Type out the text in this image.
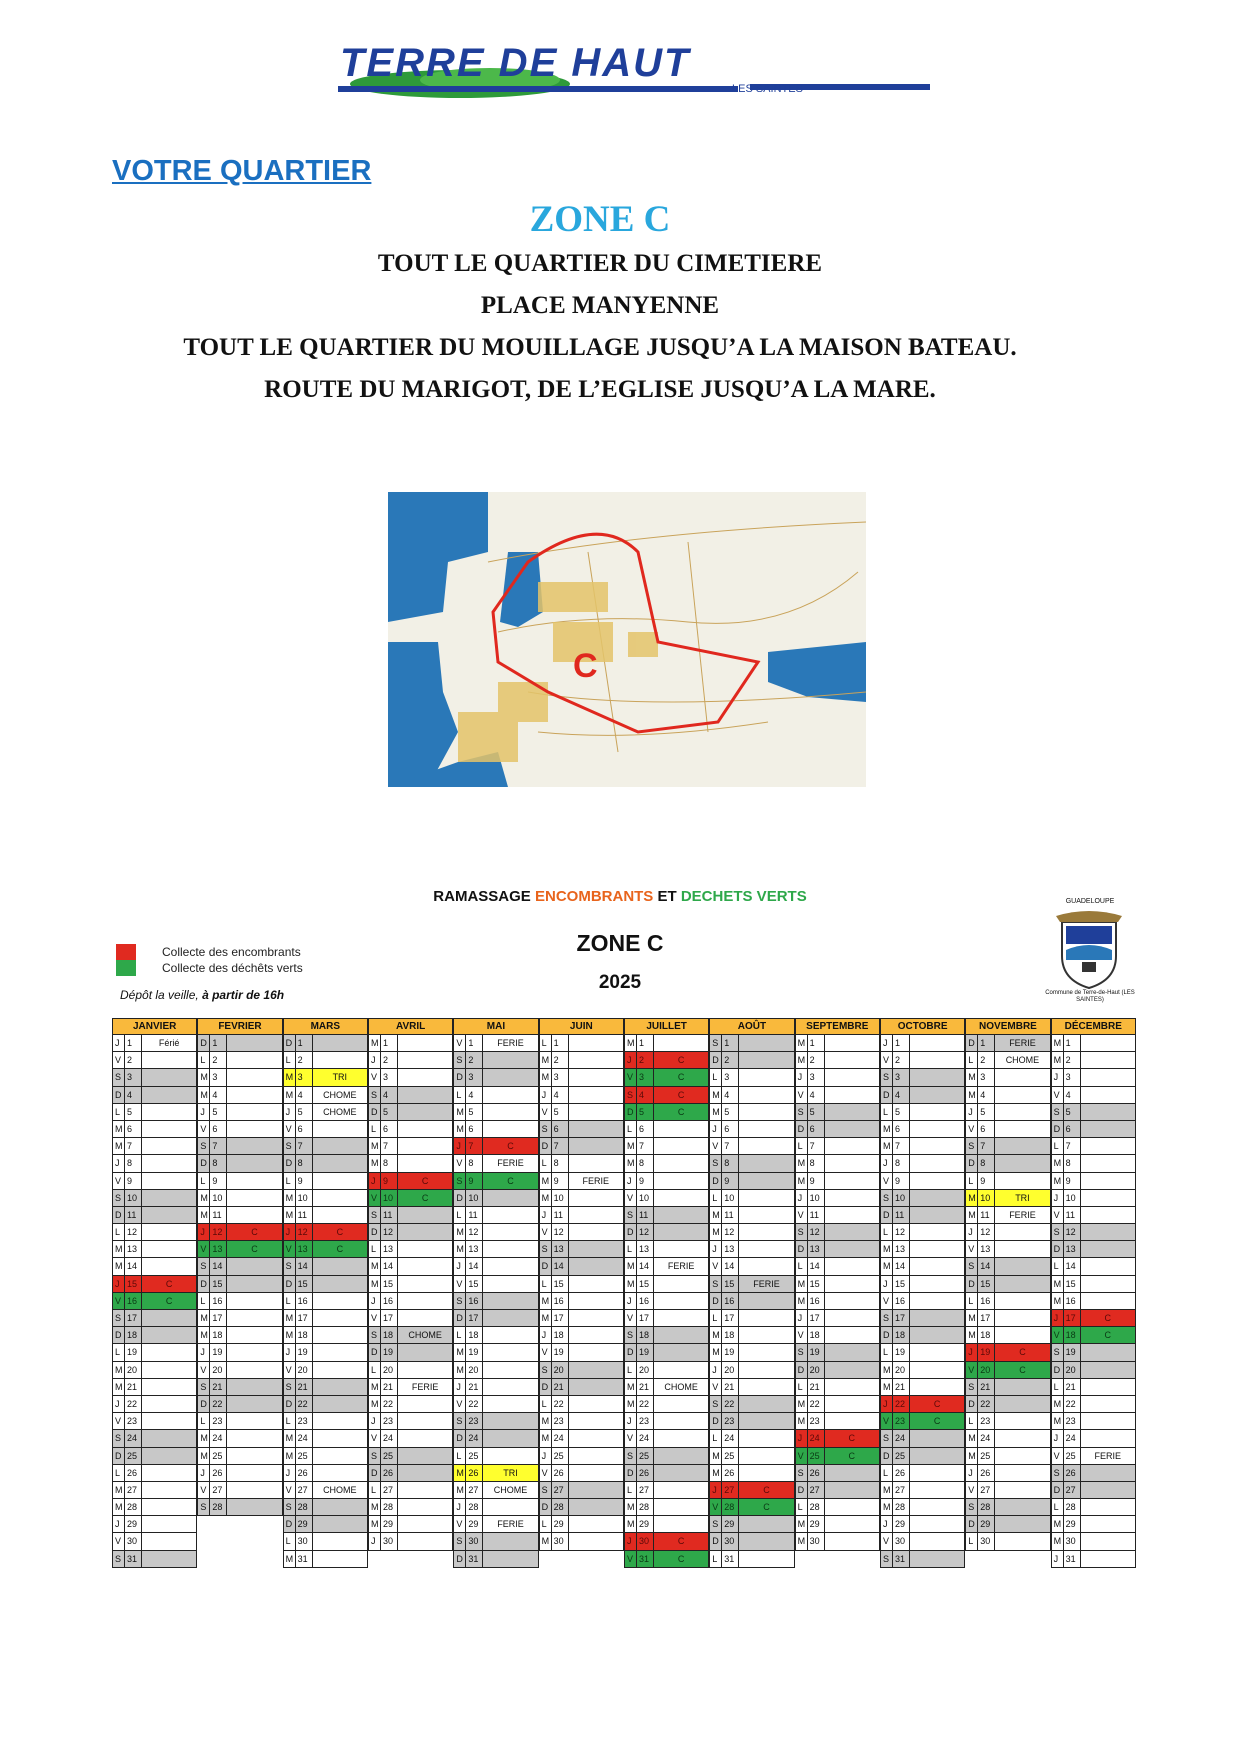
TERRE DE HAUT
LES SAINTES
VOTRE QUARTIER
ZONE C
TOUT LE QUARTIER DU CIMETIERE
PLACE MANYENNE
TOUT LE QUARTIER DU MOUILLAGE JUSQU’A LA MAISON BATEAU.
ROUTE DU MARIGOT, DE L’EGLISE JUSQU’A LA MARE.
C
RAMASSAGE ENCOMBRANTS ET DECHETS VERTS
Collecte des encombrants
Collecte des déchêts verts
Dépôt la veille, à partir de 16h
ZONE C
2025
GUADELOUPE
Commune de Terre-de-Haut (LES SAINTES)
JANVIER
J 1	Férié
V 2
S 3
D 4
L 5
M 6
M 7
J 8
V 9
S 10
D 11
L 12
M 13
M 14
J 15	C
V 16	C
S 17
D 18
L 19
M 20
M 21
J 22
V 23
S 24
D 25
L 26
M 27
M 28
J 29
V 30
S 31
FEVRIER
D 1
L 2
M 3
M 4
J 5
V 6
S 7
D 8
L 9
M 10
M 11
J 12	C
V 13	C
S 14
D 15
L 16
M 17
M 18
J 19
V 20
S 21
D 22
L 23
M 24
M 25
J 26
V 27
S 28
MARS
D 1
L 2
M 3	TRI
M 4	CHOME
J 5	CHOME
V 6
S 7
D 8
L 9
M 10
M 11
J 12	C
V 13	C
S 14
D 15
L 16
M 17
M 18
J 19
V 20
S 21
D 22
L 23
M 24
M 25
J 26
V 27	CHOME
S 28
D 29
L 30
M 31
AVRIL
M 1
J 2
V 3
S 4
D 5
L 6
M 7
M 8
J 9	C
V 10	C
S 11
D 12
L 13
M 14
M 15
J 16
V 17
S 18	CHOME
D 19
L 20
M 21	FERIE
M 22
J 23
V 24
S 25
D 26
L 27
M 28
M 29
J 30
MAI
V 1	FERIE
S 2
D 3
L 4
M 5
M 6
J 7	C
V 8	FERIE
S 9	C
D 10
L 11
M 12
M 13
J 14
V 15
S 16
D 17
L 18
M 19
M 20
J 21
V 22
S 23
D 24
L 25
M 26	TRI
M 27	CHOME
J 28
V 29	FERIE
S 30
D 31
JUIN
L 1
M 2
M 3
J 4
V 5
S 6
D 7
L 8
M 9	FERIE
M 10
J 11
V 12
S 13
D 14
L 15
M 16
M 17
J 18
V 19
S 20
D 21
L 22
M 23
M 24
J 25
V 26
S 27
D 28
L 29
M 30
JUILLET
M 1
J 2	C
V 3	C
S 4	C
D 5	C
L 6
M 7
M 8
J 9
V 10
S 11
D 12
L 13
M 14	FERIE
M 15
J 16
V 17
S 18
D 19
L 20
M 21	CHOME
M 22
J 23
V 24
S 25
D 26
L 27
M 28
M 29
J 30	C
V 31	C
AOÛT
S 1
D 2
L 3
M 4
M 5
J 6
V 7
S 8
D 9
L 10
M 11
M 12
J 13
V 14
S 15	FERIE
D 16
L 17
M 18
M 19
J 20
V 21
S 22
D 23
L 24
M 25
M 26
J 27	C
V 28	C
S 29
D 30
L 31
SEPTEMBRE
M 1
M 2
J 3
V 4
S 5
D 6
L 7
M 8
M 9
J 10
V 11
S 12
D 13
L 14
M 15
M 16
J 17
V 18
S 19
D 20
L 21
M 22
M 23
J 24	C
V 25	C
S 26
D 27
L 28
M 29
M 30
OCTOBRE
J 1
V 2
S 3
D 4
L 5
M 6
M 7
J 8
V 9
S 10
D 11
L 12
M 13
M 14
J 15
V 16
S 17
D 18
L 19
M 20
M 21
J 22	C
V 23	C
S 24
D 25
L 26
M 27
M 28
J 29
V 30
S 31
NOVEMBRE
D 1	FERIE
L 2	CHOME
M 3
M 4
J 5
V 6
S 7
D 8
L 9
M 10	TRI
M 11	FERIE
J 12
V 13
S 14
D 15
L 16
M 17
M 18
J 19	C
V 20	C
S 21
D 22
L 23
M 24
M 25
J 26
V 27
S 28
D 29
L 30
DÉCEMBRE
M 1
M 2
J 3
V 4
S 5
D 6
L 7
M 8
M 9
J 10
V 11
S 12
D 13
L 14
M 15
M 16
J 17	C
V 18	C
S 19
D 20
L 21
M 22
M 23
J 24
V 25	FERIE
S 26
D 27
L 28
M 29
M 30
J 31
